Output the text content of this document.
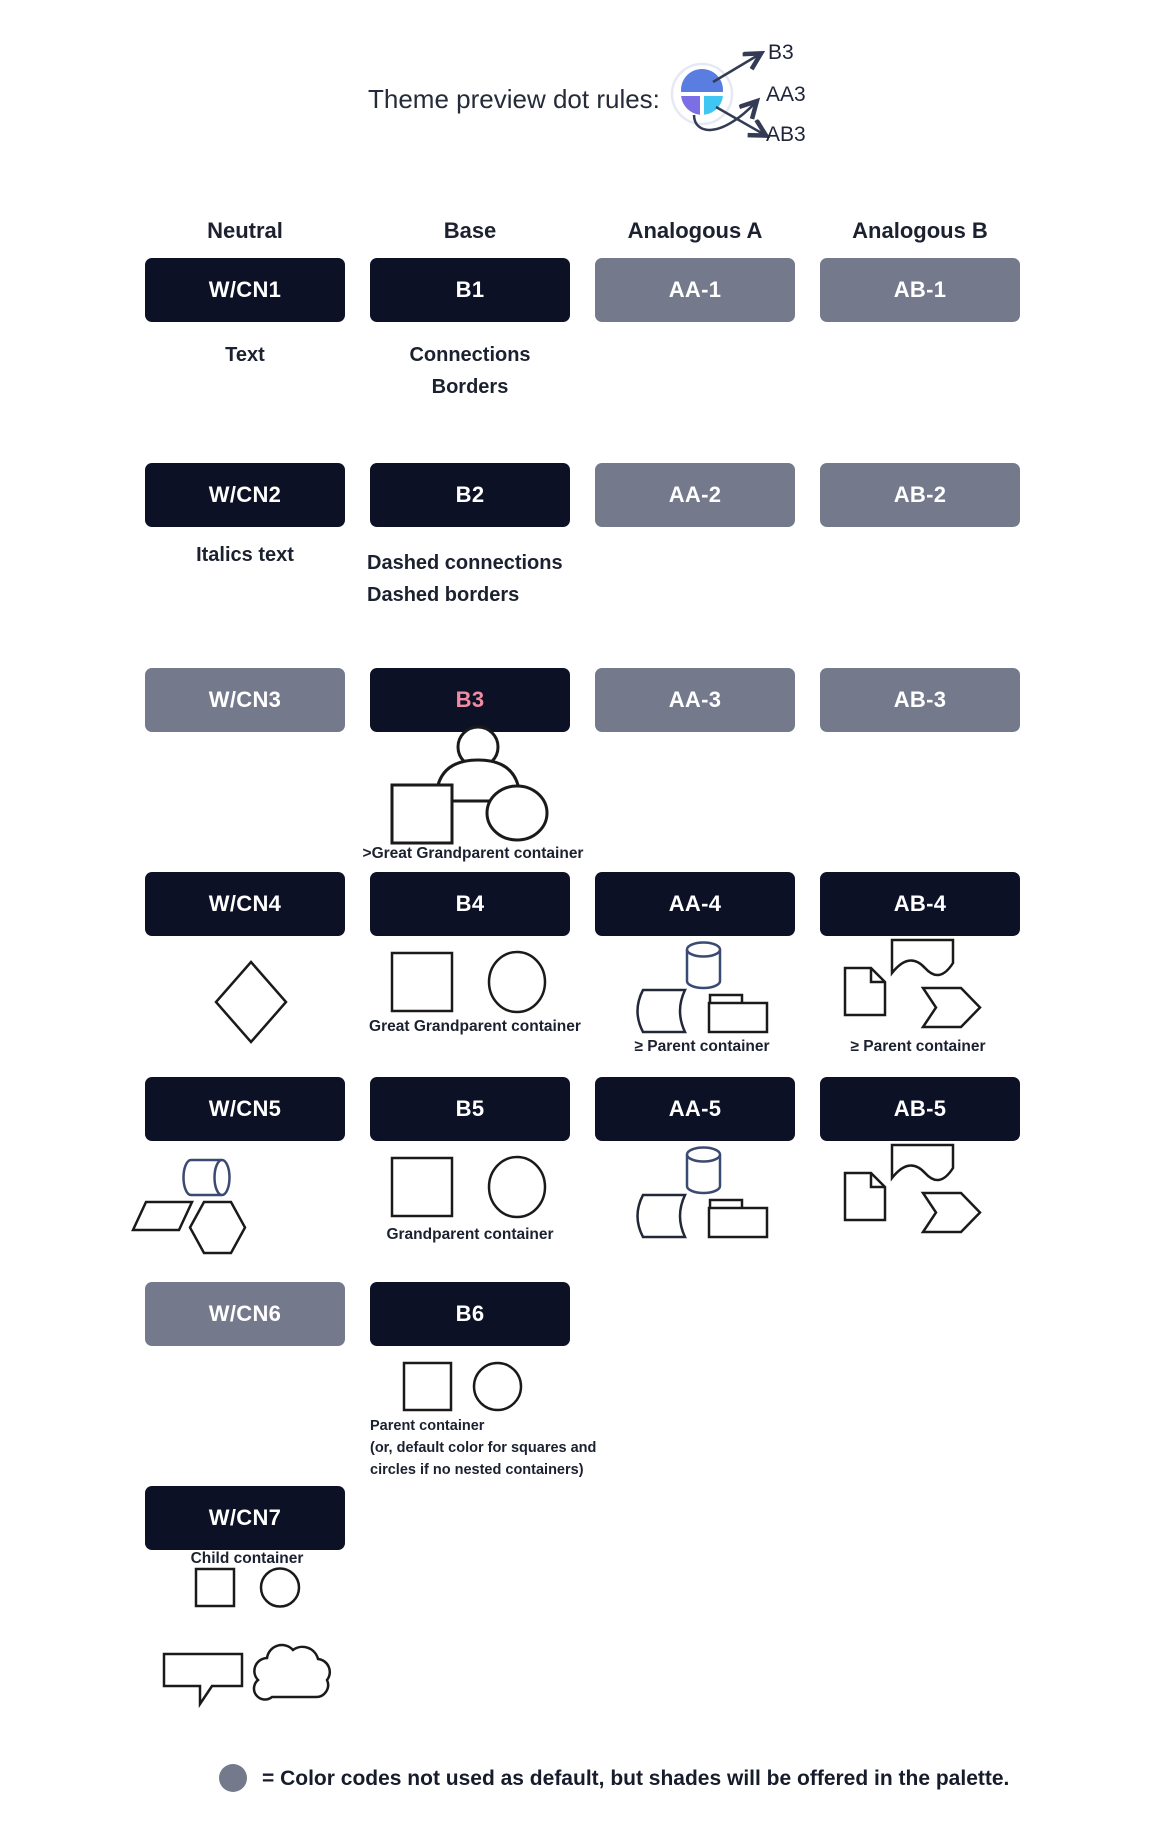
Theme preview dot rules:
B3
AA3
AB3
Neutral	Base	Analogous A	Analogous B
W/CN1	B1	AA-1	AB-1
Text	Connections
Borders
W/CN2	B2	AA-2	AB-2
Italics text	Dashed connections
Dashed borders
W/CN3	B3	AA-3	AB-3
>Great Grandparent container
W/CN4	B4	AA-4	AB-4
Great Grandparent container
≥ Parent container	≥ Parent container
W/CN5	B5	AA-5	AB-5
Grandparent container
W/CN6	B6
Parent container
(or, default color for squares and
circles if no nested containers)
W/CN7
Child container
= Color codes not used as default, but shades will be offered in the palette.
